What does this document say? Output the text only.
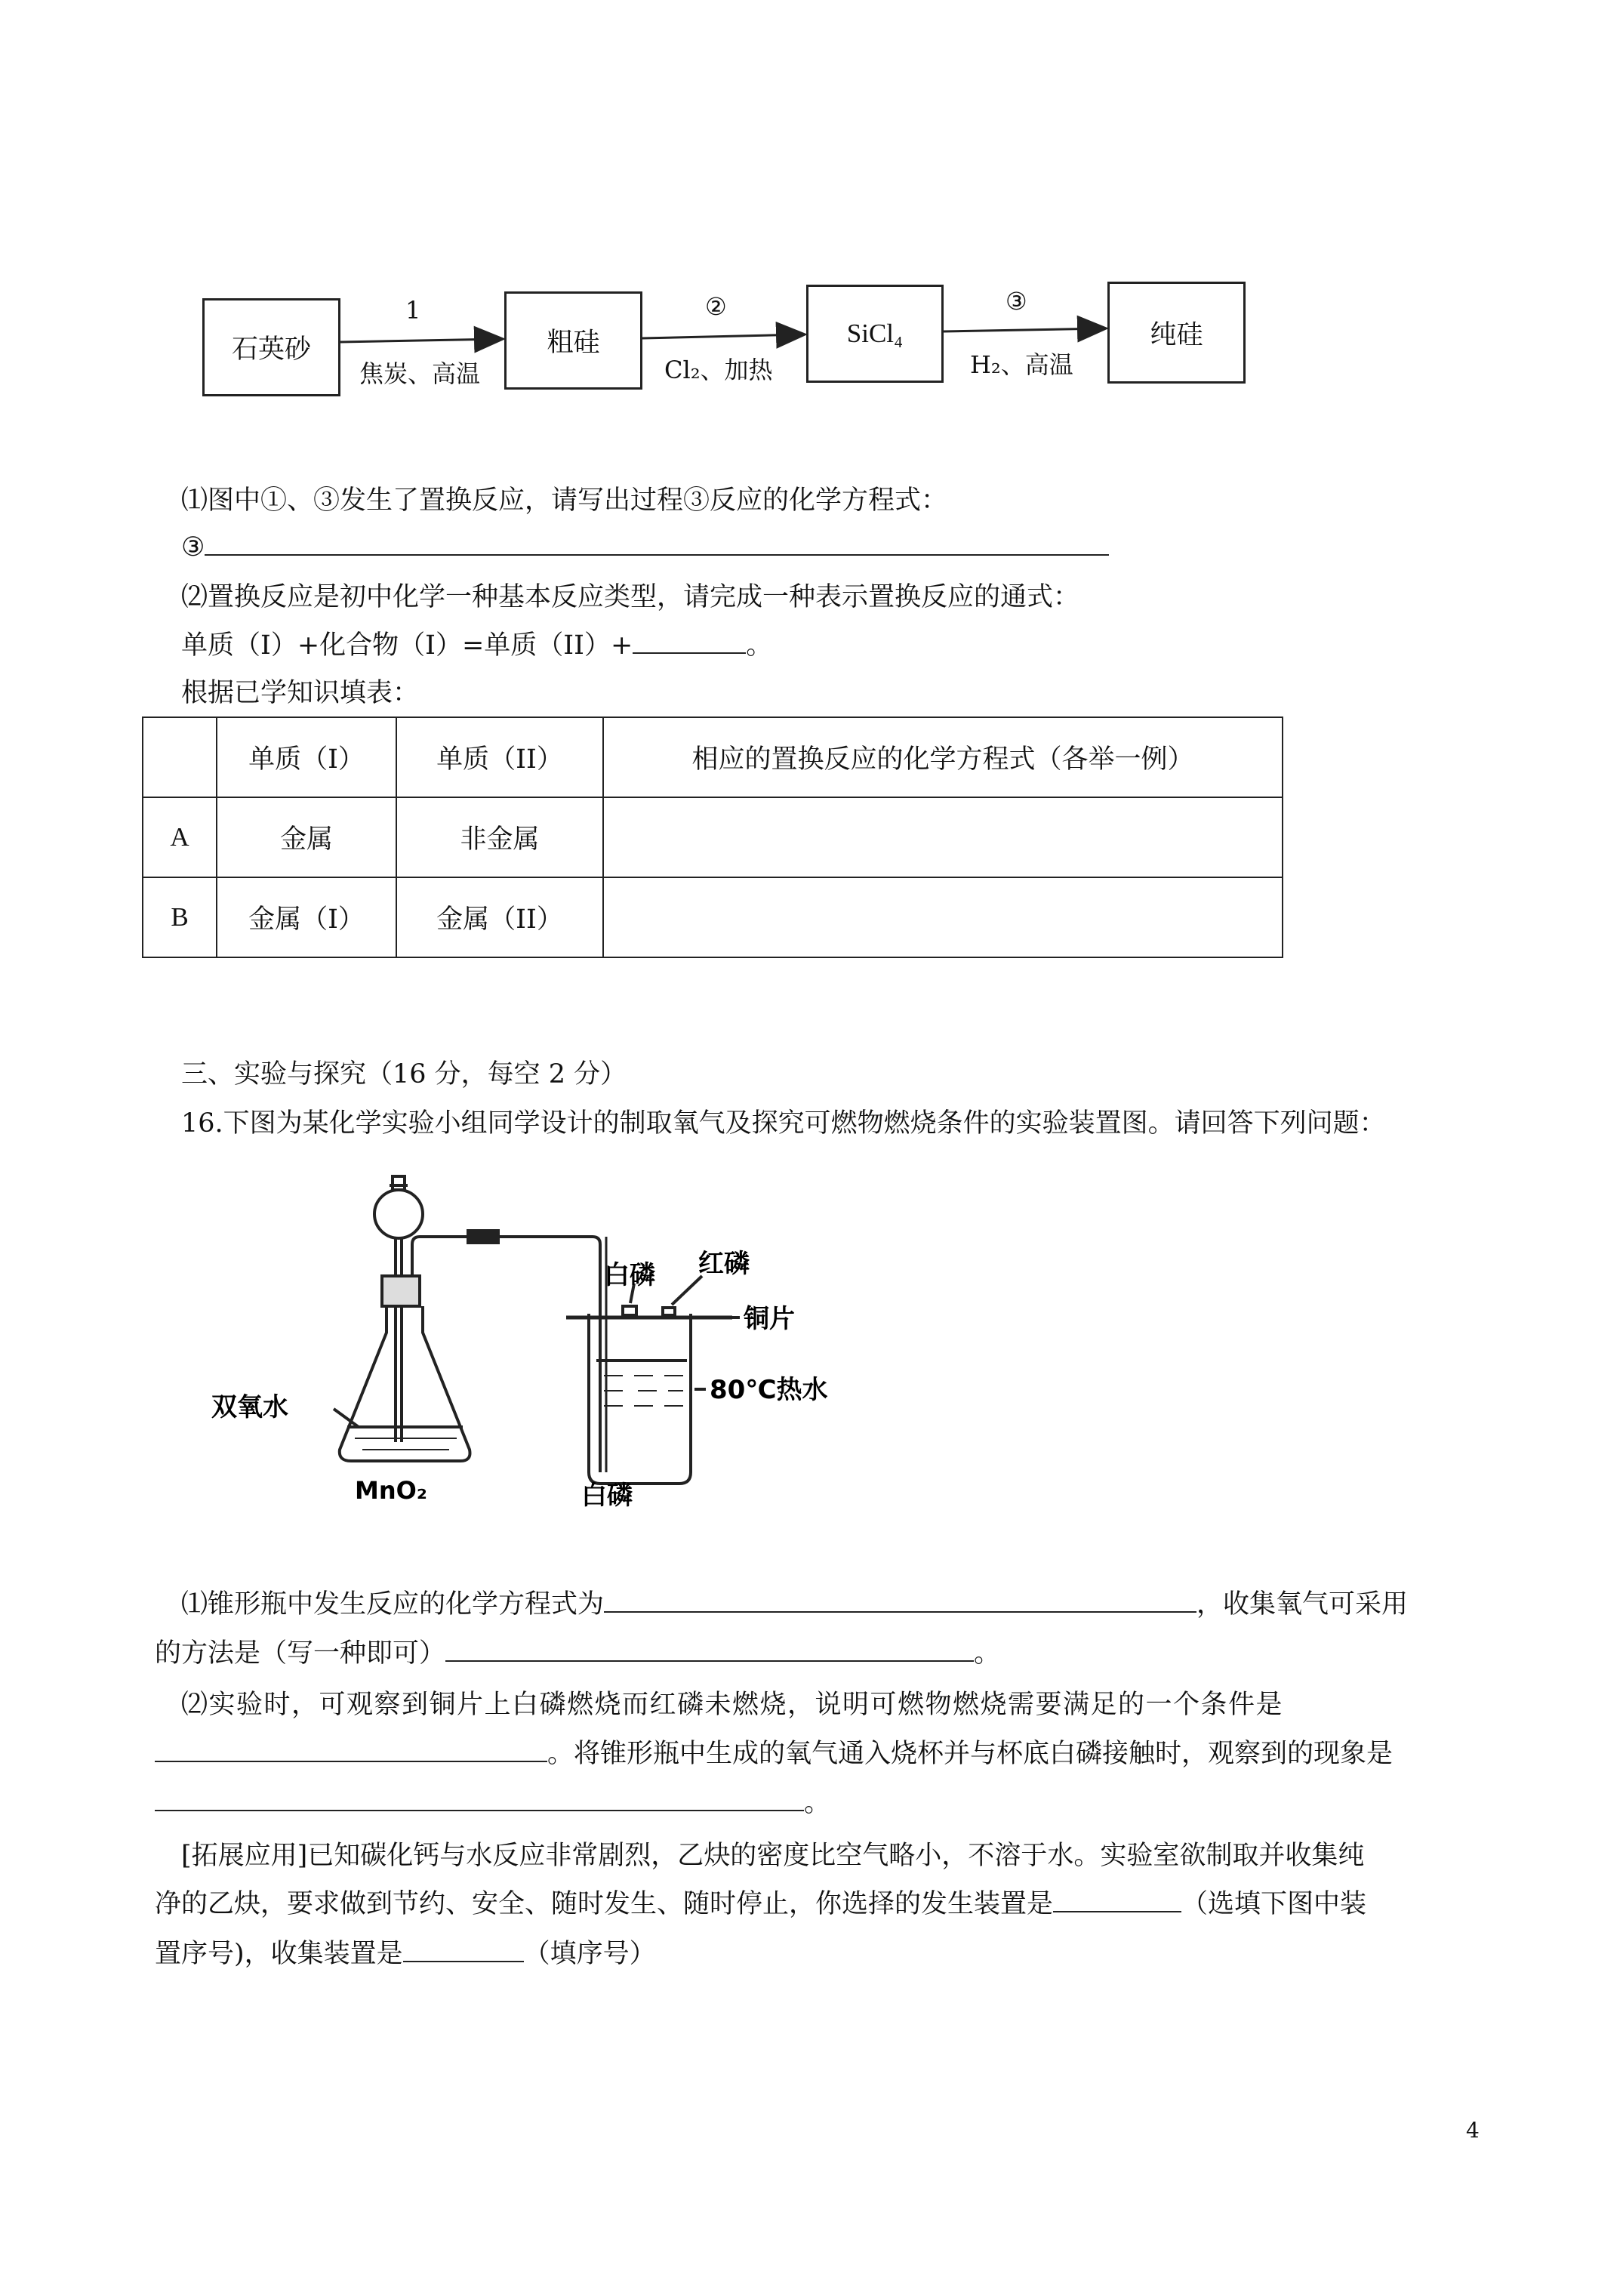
石英砂	粗硅	SiCl₄	纯硅
1
焦炭、高温
②
Cl₂、加热
③
H₂、高温
⑴图中①、③发生了置换反应，请写出过程③反应的化学方程式：
③
⑵置换反应是初中化学一种基本反应类型，请完成一种表示置换反应的通式：
单质（I）+化合物（I）=单质（II）+	。
根据已学知识填表：
	单质（I）	单质（II）	相应的置换反应的化学方程式（各举一例）
A	金属	非金属	
B	金属（I）	金属（II）	
三、实验与探究（16 分，每空 2 分）
16.下图为某化学实验小组同学设计的制取氧气及探究可燃物燃烧条件的实验装置图。请回答下列问题：
白磷 红磷
铜片
双氧水
80℃热水
MnO₂	白磷
⑴锥形瓶中发生反应的化学方程式为	，收集氧气可采用
的方法是（写一种即可）	。
⑵实验时，可观察到铜片上白磷燃烧而红磷未燃烧，说明可燃物燃烧需要满足的一个条件是
。将锥形瓶中生成的氧气通入烧杯并与杯底白磷接触时，观察到的现象是
。
[拓展应用]已知碳化钙与水反应非常剧烈，乙炔的密度比空气略小，不溶于水。实验室欲制取并收集纯
净的乙炔，要求做到节约、安全、随时发生、随时停止，你选择的发生装置是	（选填下图中装
置序号)，收集装置是	（填序号）
4
